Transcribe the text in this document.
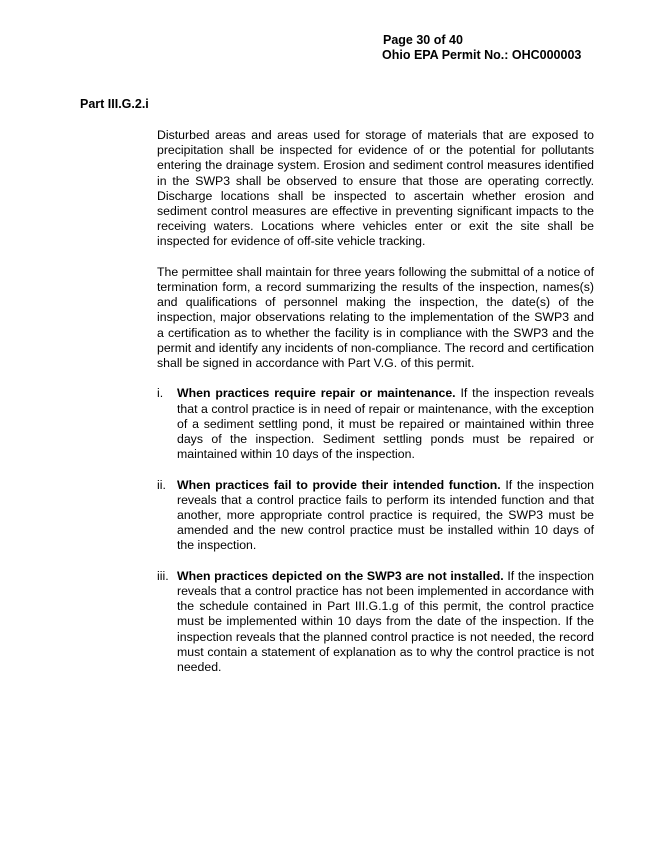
Page 30 of 40
Ohio EPA Permit No.: OHC000003
Part III.G.2.i

Disturbed areas and areas used for storage of materials that are exposed to precipitation shall be inspected for evidence of or the potential for pollutants entering the drainage system. Erosion and sediment control measures identified in the SWP3 shall be observed to ensure that those are operating correctly. Discharge locations shall be inspected to ascertain whether erosion and sediment control measures are effective in preventing significant impacts to the receiving waters. Locations where vehicles enter or exit the site shall be inspected for evidence of off-site vehicle tracking.

The permittee shall maintain for three years following the submittal of a notice of termination form, a record summarizing the results of the inspection, names(s) and qualifications of personnel making the inspection, the date(s) of the inspection, major observations relating to the implementation of the SWP3 and a certification as to whether the facility is in compliance with the SWP3 and the permit and identify any incidents of non-compliance. The record and certification shall be signed in accordance with Part V.G. of this permit.

i.	When practices require repair or maintenance. If the inspection reveals that a control practice is in need of repair or maintenance, with the exception of a sediment settling pond, it must be repaired or maintained within three days of the inspection. Sediment settling ponds must be repaired or maintained within 10 days of the inspection.
ii. When practices fail to provide their intended function. If the inspection reveals that a control practice fails to perform its intended function and that another, more appropriate control practice is required, the SWP3 must be amended and the new control practice must be installed within 10 days of the inspection.
iii. When practices depicted on the SWP3 are not installed. If the inspection reveals that a control practice has not been implemented in accordance with the schedule contained in Part III.G.1.g of this permit, the control practice must be implemented within 10 days from the date of the inspection. If the inspection reveals that the planned control practice is not needed, the record must contain a statement of explanation as to why the control practice is not needed.
